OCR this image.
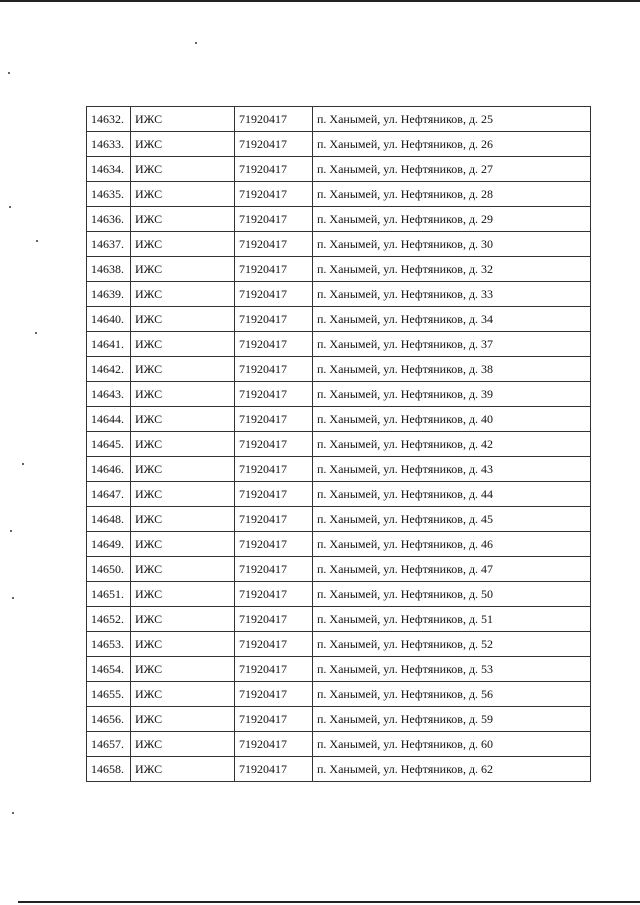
14632.	ИЖС	71920417	п. Ханымей, ул. Нефтяников, д. 25
14633.	ИЖС	71920417	п. Ханымей, ул. Нефтяников, д. 26
14634.	ИЖС	71920417	п. Ханымей, ул. Нефтяников, д. 27
14635.	ИЖС	71920417	п. Ханымей, ул. Нефтяников, д. 28
14636.	ИЖС	71920417	п. Ханымей, ул. Нефтяников, д. 29
14637.	ИЖС	71920417	п. Ханымей, ул. Нефтяников, д. 30
14638.	ИЖС	71920417	п. Ханымей, ул. Нефтяников, д. 32
14639.	ИЖС	71920417	п. Ханымей, ул. Нефтяников, д. 33
14640.	ИЖС	71920417	п. Ханымей, ул. Нефтяников, д. 34
14641.	ИЖС	71920417	п. Ханымей, ул. Нефтяников, д. 37
14642.	ИЖС	71920417	п. Ханымей, ул. Нефтяников, д. 38
14643.	ИЖС	71920417	п. Ханымей, ул. Нефтяников, д. 39
14644.	ИЖС	71920417	п. Ханымей, ул. Нефтяников, д. 40
14645.	ИЖС	71920417	п. Ханымей, ул. Нефтяников, д. 42
14646.	ИЖС	71920417	п. Ханымей, ул. Нефтяников, д. 43
14647.	ИЖС	71920417	п. Ханымей, ул. Нефтяников, д. 44
14648.	ИЖС	71920417	п. Ханымей, ул. Нефтяников, д. 45
14649.	ИЖС	71920417	п. Ханымей, ул. Нефтяников, д. 46
14650.	ИЖС	71920417	п. Ханымей, ул. Нефтяников, д. 47
14651.	ИЖС	71920417	п. Ханымей, ул. Нефтяников, д. 50
14652.	ИЖС	71920417	п. Ханымей, ул. Нефтяников, д. 51
14653.	ИЖС	71920417	п. Ханымей, ул. Нефтяников, д. 52
14654.	ИЖС	71920417	п. Ханымей, ул. Нефтяников, д. 53
14655.	ИЖС	71920417	п. Ханымей, ул. Нефтяников, д. 56
14656.	ИЖС	71920417	п. Ханымей, ул. Нефтяников, д. 59
14657.	ИЖС	71920417	п. Ханымей, ул. Нефтяников, д. 60
14658.	ИЖС	71920417	п. Ханымей, ул. Нефтяников, д. 62
